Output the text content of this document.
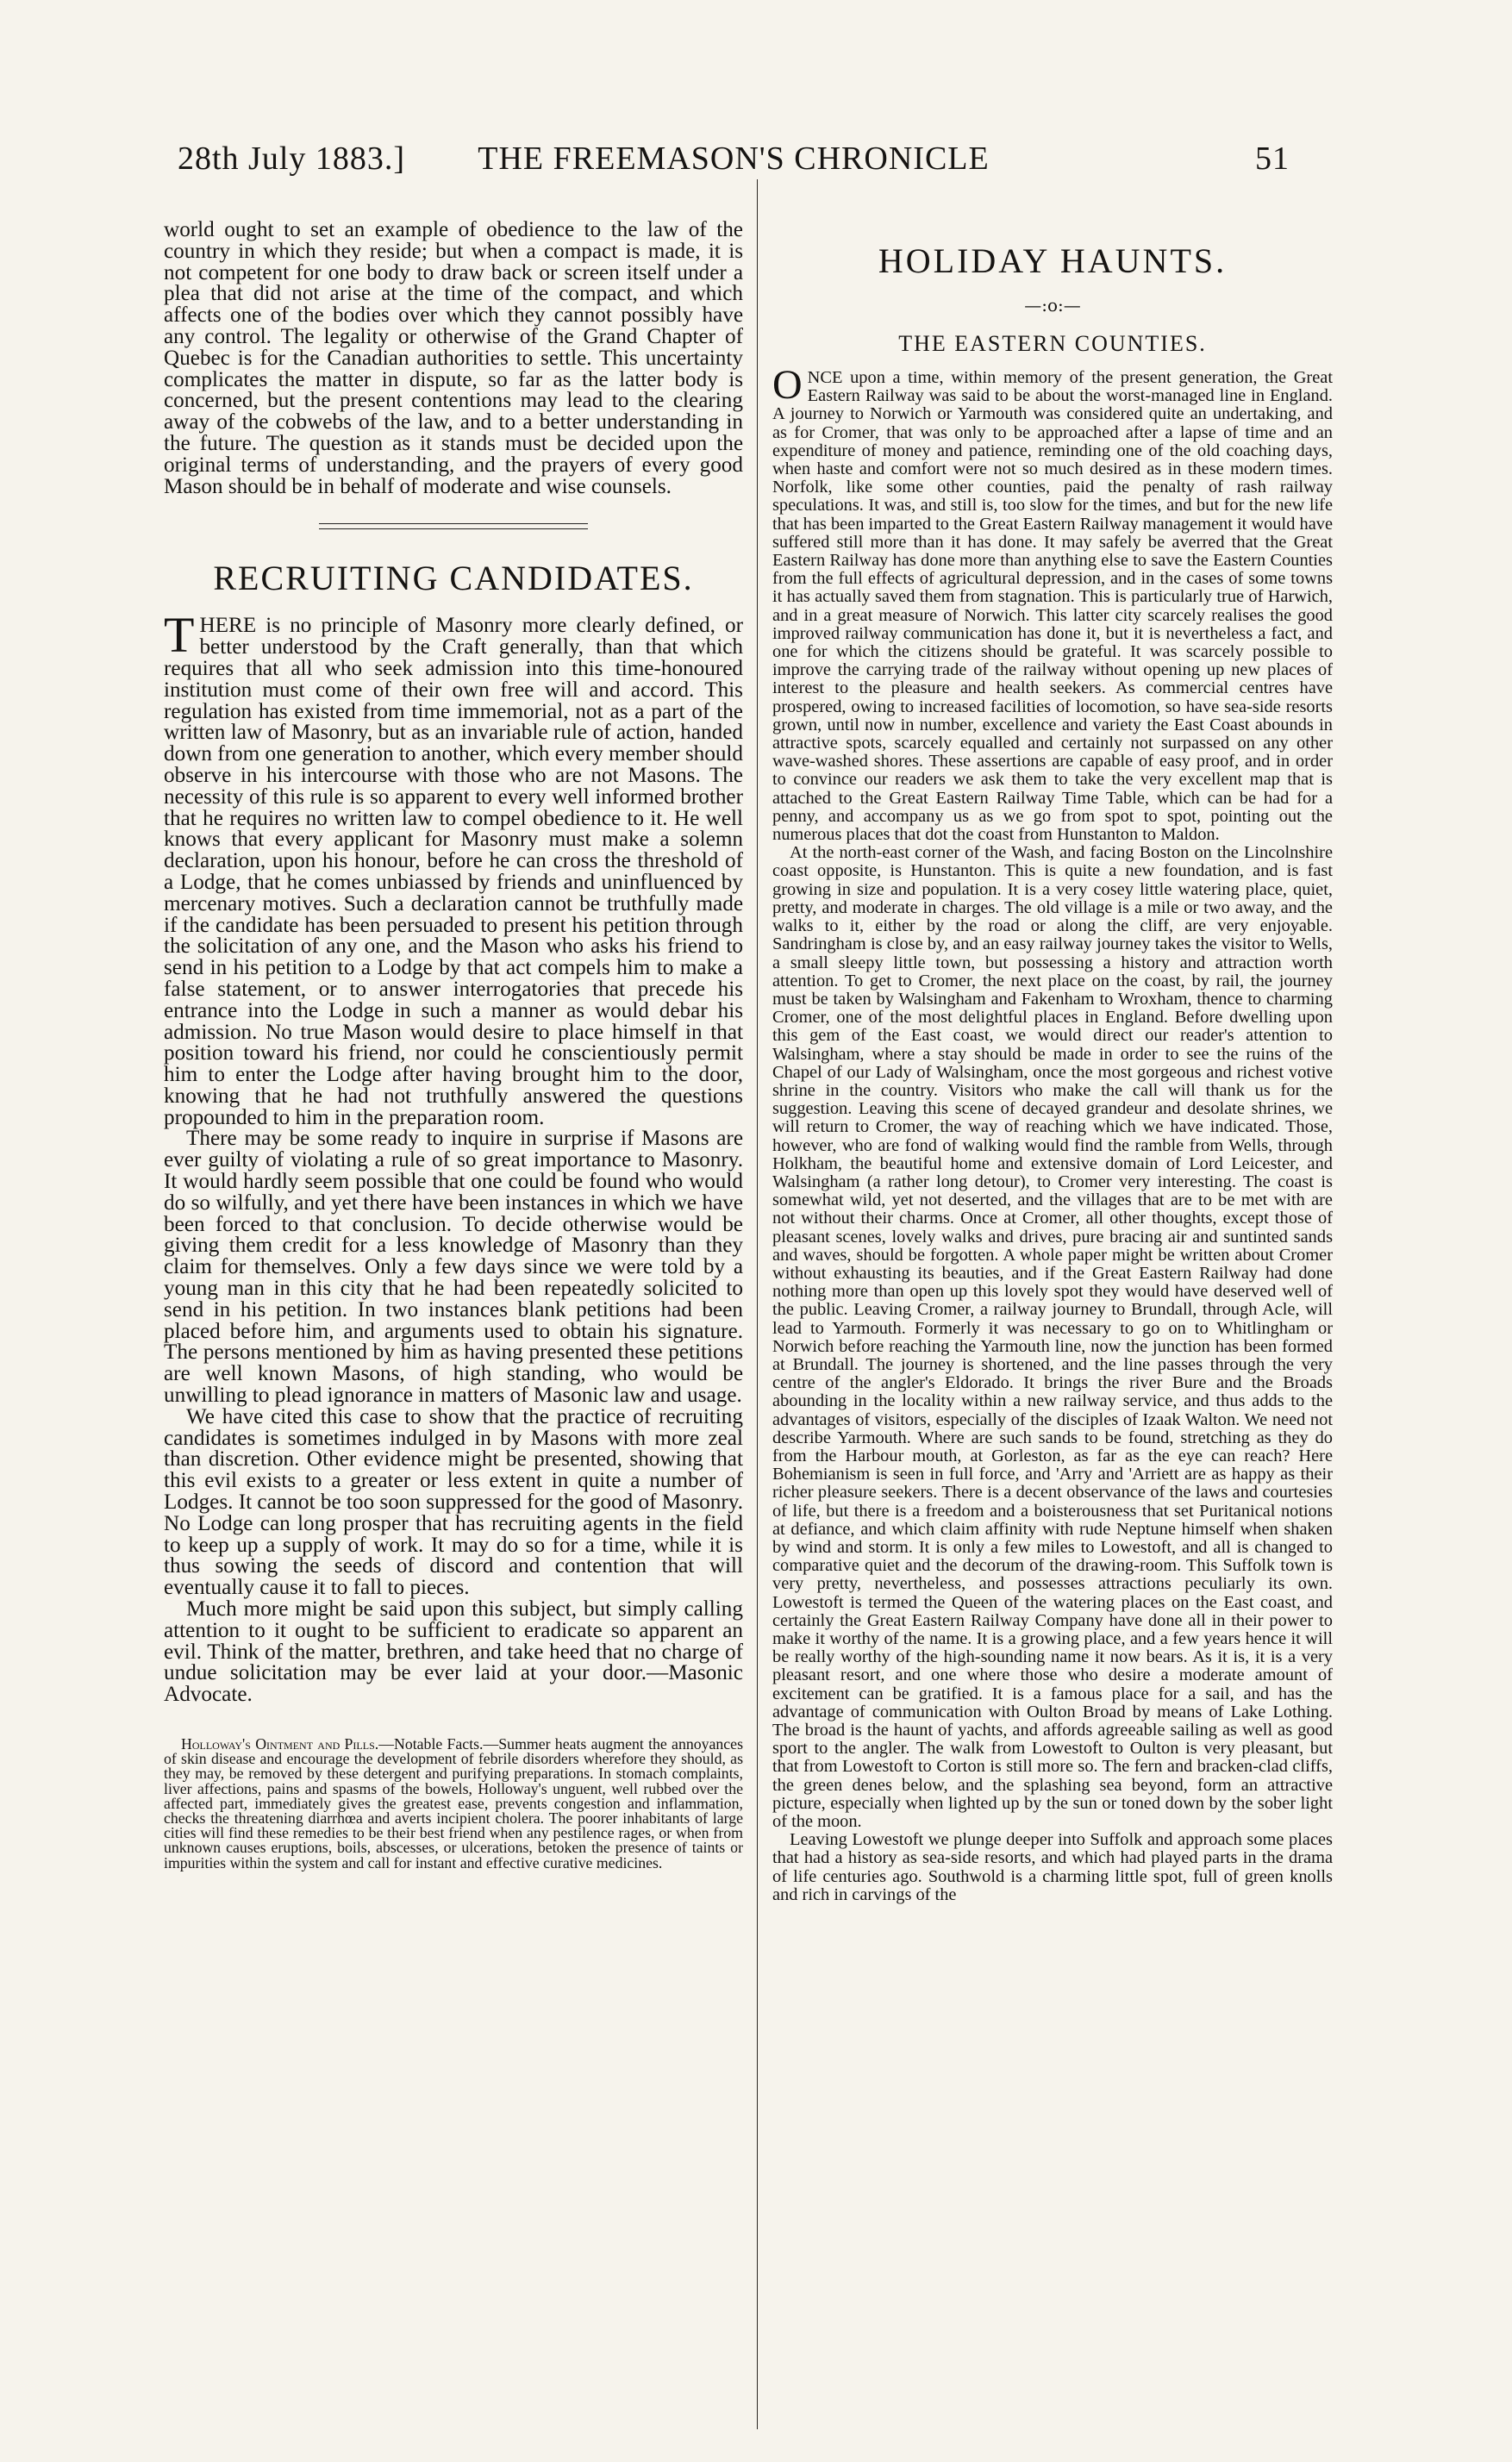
28th July 1883.]	THE FREEMASON'S CHRONICLE	51

world ought to set an example of obedience to the law of the country in which they reside; but when a compact is made, it is not competent for one body to draw back or screen itself under a plea that did not arise at the time of the compact, and which affects one of the bodies over which they cannot possibly have any control. The legality or otherwise of the Grand Chapter of Quebec is for the Canadian authorities to settle. This uncertainty complicates the matter in dispute, so far as the latter body is concerned, but the present contentions may lead to the clearing away of the cobwebs of the law, and to a better understanding in the future. The question as it stands must be decided upon the original terms of understanding, and the prayers of every good Mason should be in behalf of moderate and wise counsels.

RECRUITING CANDIDATES.

THERE is no principle of Masonry more clearly defined, or better understood by the Craft generally, than that which requires that all who seek admission into this time-honoured institution must come of their own free will and accord. This regulation has existed from time immemorial, not as a part of the written law of Masonry, but as an invariable rule of action, handed down from one generation to another, which every member should observe in his intercourse with those who are not Masons. The necessity of this rule is so apparent to every well informed brother that he requires no written law to compel obedience to it. He well knows that every applicant for Masonry must make a solemn declaration, upon his honour, before he can cross the threshold of a Lodge, that he comes unbiassed by friends and uninfluenced by mercenary motives. Such a declaration cannot be truthfully made if the candidate has been persuaded to present his petition through the solicitation of any one, and the Mason who asks his friend to send in his petition to a Lodge by that act compels him to make a false statement, or to answer interrogatories that precede his entrance into the Lodge in such a manner as would debar his admission. No true Mason would desire to place himself in that position toward his friend, nor could he conscientiously permit him to enter the Lodge after having brought him to the door, knowing that he had not truthfully answered the questions propounded to him in the preparation room.

There may be some ready to inquire in surprise if Masons are ever guilty of violating a rule of so great importance to Masonry. It would hardly seem possible that one could be found who would do so wilfully, and yet there have been instances in which we have been forced to that conclusion. To decide otherwise would be giving them credit for a less knowledge of Masonry than they claim for themselves. Only a few days since we were told by a young man in this city that he had been repeatedly solicited to send in his petition. In two instances blank petitions had been placed before him, and arguments used to obtain his signature. The persons mentioned by him as having presented these petitions are well known Masons, of high standing, who would be unwilling to plead ignorance in matters of Masonic law and usage.

We have cited this case to show that the practice of recruiting candidates is sometimes indulged in by Masons with more zeal than discretion. Other evidence might be presented, showing that this evil exists to a greater or less extent in quite a number of Lodges. It cannot be too soon suppressed for the good of Masonry. No Lodge can long prosper that has recruiting agents in the field to keep up a supply of work. It may do so for a time, while it is thus sowing the seeds of discord and contention that will eventually cause it to fall to pieces.

Much more might be said upon this subject, but simply calling attention to it ought to be sufficient to eradicate so apparent an evil. Think of the matter, brethren, and take heed that no charge of undue solicitation may be ever laid at your door.—Masonic Advocate.

Holloway's Ointment and Pills.—Notable Facts.—Summer heats augment the annoyances of skin disease and encourage the development of febrile disorders wherefore they should, as they may, be removed by these detergent and purifying preparations. In stomach complaints, liver affections, pains and spasms of the bowels, Holloway's unguent, well rubbed over the affected part, immediately gives the greatest ease, prevents congestion and inflammation, checks the threatening diarrhœa and averts incipient cholera. The poorer inhabitants of large cities will find these remedies to be their best friend when any pestilence rages, or when from unknown causes eruptions, boils, abscesses, or ulcerations, betoken the presence of taints or impurities within the system and call for instant and effective curative medicines.

HOLIDAY HAUNTS.
—:o:—
THE EASTERN COUNTIES.

ONCE upon a time, within memory of the present generation, the Great Eastern Railway was said to be about the worst-managed line in England. A journey to Norwich or Yarmouth was considered quite an undertaking, and as for Cromer, that was only to be approached after a lapse of time and an expenditure of money and patience, reminding one of the old coaching days, when haste and comfort were not so much desired as in these modern times. Norfolk, like some other counties, paid the penalty of rash railway speculations. It was, and still is, too slow for the times, and but for the new life that has been imparted to the Great Eastern Railway management it would have suffered still more than it has done. It may safely be averred that the Great Eastern Railway has done more than anything else to save the Eastern Counties from the full effects of agricultural depression, and in the cases of some towns it has actually saved them from stagnation. This is particularly true of Harwich, and in a great measure of Norwich. This latter city scarcely realises the good improved railway communication has done it, but it is nevertheless a fact, and one for which the citizens should be grateful. It was scarcely possible to improve the carrying trade of the railway without opening up new places of interest to the pleasure and health seekers. As commercial centres have prospered, owing to increased facilities of locomotion, so have sea-side resorts grown, until now in number, excellence and variety the East Coast abounds in attractive spots, scarcely equalled and certainly not surpassed on any other wave-washed shores. These assertions are capable of easy proof, and in order to convince our readers we ask them to take the very excellent map that is attached to the Great Eastern Railway Time Table, which can be had for a penny, and accompany us as we go from spot to spot, pointing out the numerous places that dot the coast from Hunstanton to Maldon.

At the north-east corner of the Wash, and facing Boston on the Lincolnshire coast opposite, is Hunstanton. This is quite a new foundation, and is fast growing in size and population. It is a very cosey little watering place, quiet, pretty, and moderate in charges. The old village is a mile or two away, and the walks to it, either by the road or along the cliff, are very enjoyable. Sandringham is close by, and an easy railway journey takes the visitor to Wells, a small sleepy little town, but possessing a history and attraction worth attention. To get to Cromer, the next place on the coast, by rail, the journey must be taken by Walsingham and Fakenham to Wroxham, thence to charming Cromer, one of the most delightful places in England. Before dwelling upon this gem of the East coast, we would direct our reader's attention to Walsingham, where a stay should be made in order to see the ruins of the Chapel of our Lady of Walsingham, once the most gorgeous and richest votive shrine in the country. Visitors who make the call will thank us for the suggestion. Leaving this scene of decayed grandeur and desolate shrines, we will return to Cromer, the way of reaching which we have indicated. Those, however, who are fond of walking would find the ramble from Wells, through Holkham, the beautiful home and extensive domain of Lord Leicester, and Walsingham (a rather long detour), to Cromer very interesting. The coast is somewhat wild, yet not deserted, and the villages that are to be met with are not without their charms. Once at Cromer, all other thoughts, except those of pleasant scenes, lovely walks and drives, pure bracing air and suntinted sands and waves, should be forgotten. A whole paper might be written about Cromer without exhausting its beauties, and if the Great Eastern Railway had done nothing more than open up this lovely spot they would have deserved well of the public. Leaving Cromer, a railway journey to Brundall, through Acle, will lead to Yarmouth. Formerly it was necessary to go on to Whitlingham or Norwich before reaching the Yarmouth line, now the junction has been formed at Brundall. The journey is shortened, and the line passes through the very centre of the angler's Eldorado. It brings the river Bure and the Broads abounding in the locality within a new railway service, and thus adds to the advantages of visitors, especially of the disciples of Izaak Walton. We need not describe Yarmouth. Where are such sands to be found, stretching as they do from the Harbour mouth, at Gorleston, as far as the eye can reach? Here Bohemianism is seen in full force, and 'Arry and 'Arriett are as happy as their richer pleasure seekers. There is a decent observance of the laws and courtesies of life, but there is a freedom and a boisterousness that set Puritanical notions at defiance, and which claim affinity with rude Neptune himself when shaken by wind and storm. It is only a few miles to Lowestoft, and all is changed to comparative quiet and the decorum of the drawing-room. This Suffolk town is very pretty, nevertheless, and possesses attractions peculiarly its own. Lowestoft is termed the Queen of the watering places on the East coast, and certainly the Great Eastern Railway Company have done all in their power to make it worthy of the name. It is a growing place, and a few years hence it will be really worthy of the high-sounding name it now bears. As it is, it is a very pleasant resort, and one where those who desire a moderate amount of excitement can be gratified. It is a famous place for a sail, and has the advantage of communication with Oulton Broad by means of Lake Lothing. The broad is the haunt of yachts, and affords agreeable sailing as well as good sport to the angler. The walk from Lowestoft to Oulton is very pleasant, but that from Lowestoft to Corton is still more so. The fern and bracken-clad cliffs, the green denes below, and the splashing sea beyond, form an attractive picture, especially when lighted up by the sun or toned down by the sober light of the moon.

Leaving Lowestoft we plunge deeper into Suffolk and approach some places that had a history as sea-side resorts, and which had played parts in the drama of life centuries ago. Southwold is a charming little spot, full of green knolls and rich in carvings of the
